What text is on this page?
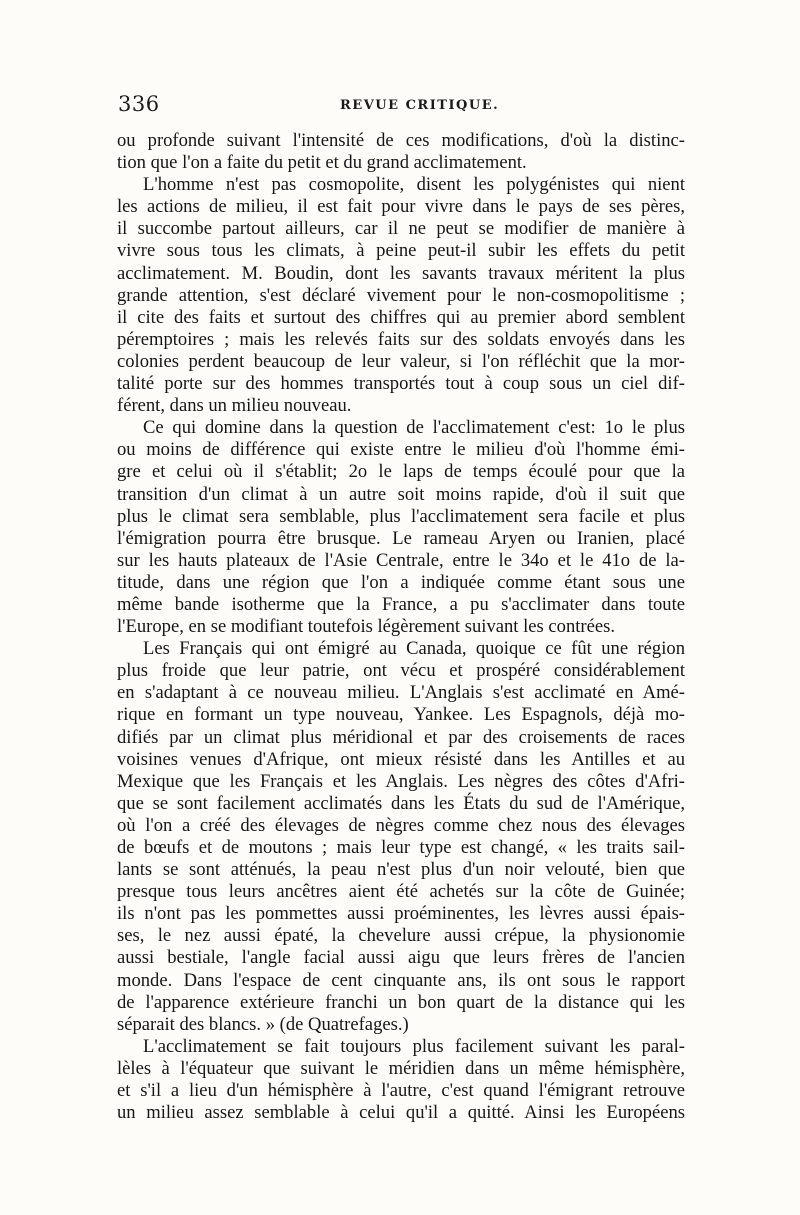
336	REVUE CRITIQUE.
ou profonde suivant l'intensité de ces modifications, d'où la distinc-
tion que l'on a faite du petit et du grand acclimatement.
L'homme n'est pas cosmopolite, disent les polygénistes qui nient
les actions de milieu, il est fait pour vivre dans le pays de ses pères,
il succombe partout ailleurs, car il ne peut se modifier de manière à
vivre sous tous les climats, à peine peut-il subir les effets du petit
acclimatement. M. Boudin, dont les savants travaux méritent la plus
grande attention, s'est déclaré vivement pour le non-cosmopolitisme ;
il cite des faits et surtout des chiffres qui au premier abord semblent
péremptoires ; mais les relevés faits sur des soldats envoyés dans les
colonies perdent beaucoup de leur valeur, si l'on réfléchit que la mor-
talité porte sur des hommes transportés tout à coup sous un ciel dif-
férent, dans un milieu nouveau.
Ce qui domine dans la question de l'acclimatement c'est: 1o le plus
ou moins de différence qui existe entre le milieu d'où l'homme émi-
gre et celui où il s'établit; 2o le laps de temps écoulé pour que la
transition d'un climat à un autre soit moins rapide, d'où il suit que
plus le climat sera semblable, plus l'acclimatement sera facile et plus
l'émigration pourra être brusque. Le rameau Aryen ou Iranien, placé
sur les hauts plateaux de l'Asie Centrale, entre le 34o et le 41o de la-
titude, dans une région que l'on a indiquée comme étant sous une
même bande isotherme que la France, a pu s'acclimater dans toute
l'Europe, en se modifiant toutefois légèrement suivant les contrées.
Les Français qui ont émigré au Canada, quoique ce fût une région
plus froide que leur patrie, ont vécu et prospéré considérablement
en s'adaptant à ce nouveau milieu. L'Anglais s'est acclimaté en Amé-
rique en formant un type nouveau, Yankee. Les Espagnols, déjà mo-
difiés par un climat plus méridional et par des croisements de races
voisines venues d'Afrique, ont mieux résisté dans les Antilles et au
Mexique que les Français et les Anglais. Les nègres des côtes d'Afri-
que se sont facilement acclimatés dans les États du sud de l'Amérique,
où l'on a créé des élevages de nègres comme chez nous des élevages
de bœufs et de moutons ; mais leur type est changé, « les traits sail-
lants se sont atténués, la peau n'est plus d'un noir velouté, bien que
presque tous leurs ancêtres aient été achetés sur la côte de Guinée;
ils n'ont pas les pommettes aussi proéminentes, les lèvres aussi épais-
ses, le nez aussi épaté, la chevelure aussi crépue, la physionomie
aussi bestiale, l'angle facial aussi aigu que leurs frères de l'ancien
monde. Dans l'espace de cent cinquante ans, ils ont sous le rapport
de l'apparence extérieure franchi un bon quart de la distance qui les
séparait des blancs. » (de Quatrefages.)
L'acclimatement se fait toujours plus facilement suivant les paral-
lèles à l'équateur que suivant le méridien dans un même hémisphère,
et s'il a lieu d'un hémisphère à l'autre, c'est quand l'émigrant retrouve
un milieu assez semblable à celui qu'il a quitté. Ainsi les Européens
